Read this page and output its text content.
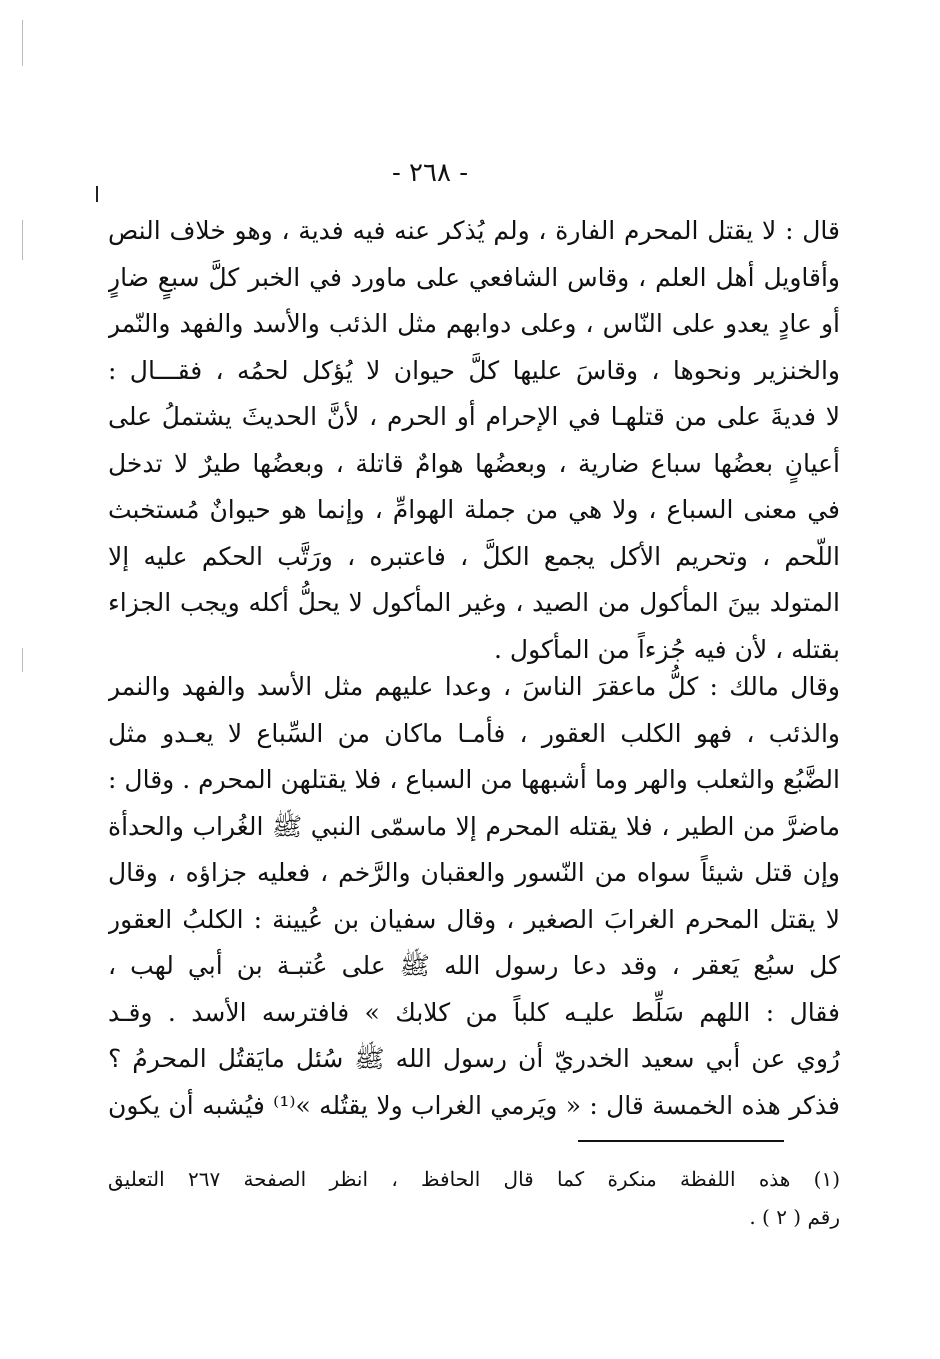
- ٢٦٨ -
قال : لا يقتل المحرم الفارة ، ولم يُذكر عنه فيه فدية ، وهو خلاف النص
وأقاويل أهل العلم ، وقاس الشافعي على ماورد في الخبر كلَّ سبعٍ ضارٍ
أو عادٍ يعدو على النّاس ، وعلى دوابهم مثل الذئب والأسد والفهد والنّمر
والخنزير ونحوها ، وقاسَ عليها كلَّ حيوان لا يُؤكل لحمُه ، فقـــال :
لا فديةَ على من قتلهـا في الإحرام أو الحرم ، لأنَّ الحديثَ يشتملُ على
أعيانٍ بعضُها سباع ضارية ، وبعضُها هوامٌ قاتلة ، وبعضُها طيرٌ لا تدخل
في معنى السباع ، ولا هي من جملة الهوامِّ ، وإنما هو حيوانٌ مُستخبث
اللّحم ، وتحريم الأكل يجمع الكلَّ ، فاعتبره ، ورَتَّب الحكم عليه إلا
المتولد بينَ المأكول من الصيد ، وغير المأكول لا يحلُّ أكله ويجب الجزاء
بقتله ، لأن فيه جُزءاً من المأكول .
وقال مالك : كلُّ ماعقرَ الناسَ ، وعدا عليهم مثل الأسد والفهد والنمر
والذئب ، فهو الكلب العقور ، فأمـا ماكان من السِّباع لا يعـدو مثل
الضَّبُع والثعلب والهر وما أشبهها من السباع ، فلا يقتلهن المحرم . وقال :
ماضرَّ من الطير ، فلا يقتله المحرم إلا ماسمّى النبي ﷺ الغُراب والحدأة
وإن قتل شيئاً سواه من النّسور والعقبان والرَّخم ، فعليه جزاؤه ، وقال
لا يقتل المحرم الغرابَ الصغير ، وقال سفيان بن عُيينة : الكلبُ العقور
كل سبُع يَعقر ، وقد دعا رسول الله ﷺ على عُتبـة بن أبي لهب ،
فقال : اللهم سَلِّط عليـه كلباً من كلابك » فافترسه الأسد . وقـد
رُوي عن أبي سعيد الخدريّ أن رسول الله ﷺ سُئل مايَقتُل المحرمُ ؟
فذكر هذه الخمسة قال : « ويَرمي الغراب ولا يقتُله »⁽¹⁾ فيُشبه أن يكون
(١) هذه اللفظة منكرة كما قال الحافظ ، انظر الصفحة ٢٦٧ التعليق
رقم ( ٢ ) .
